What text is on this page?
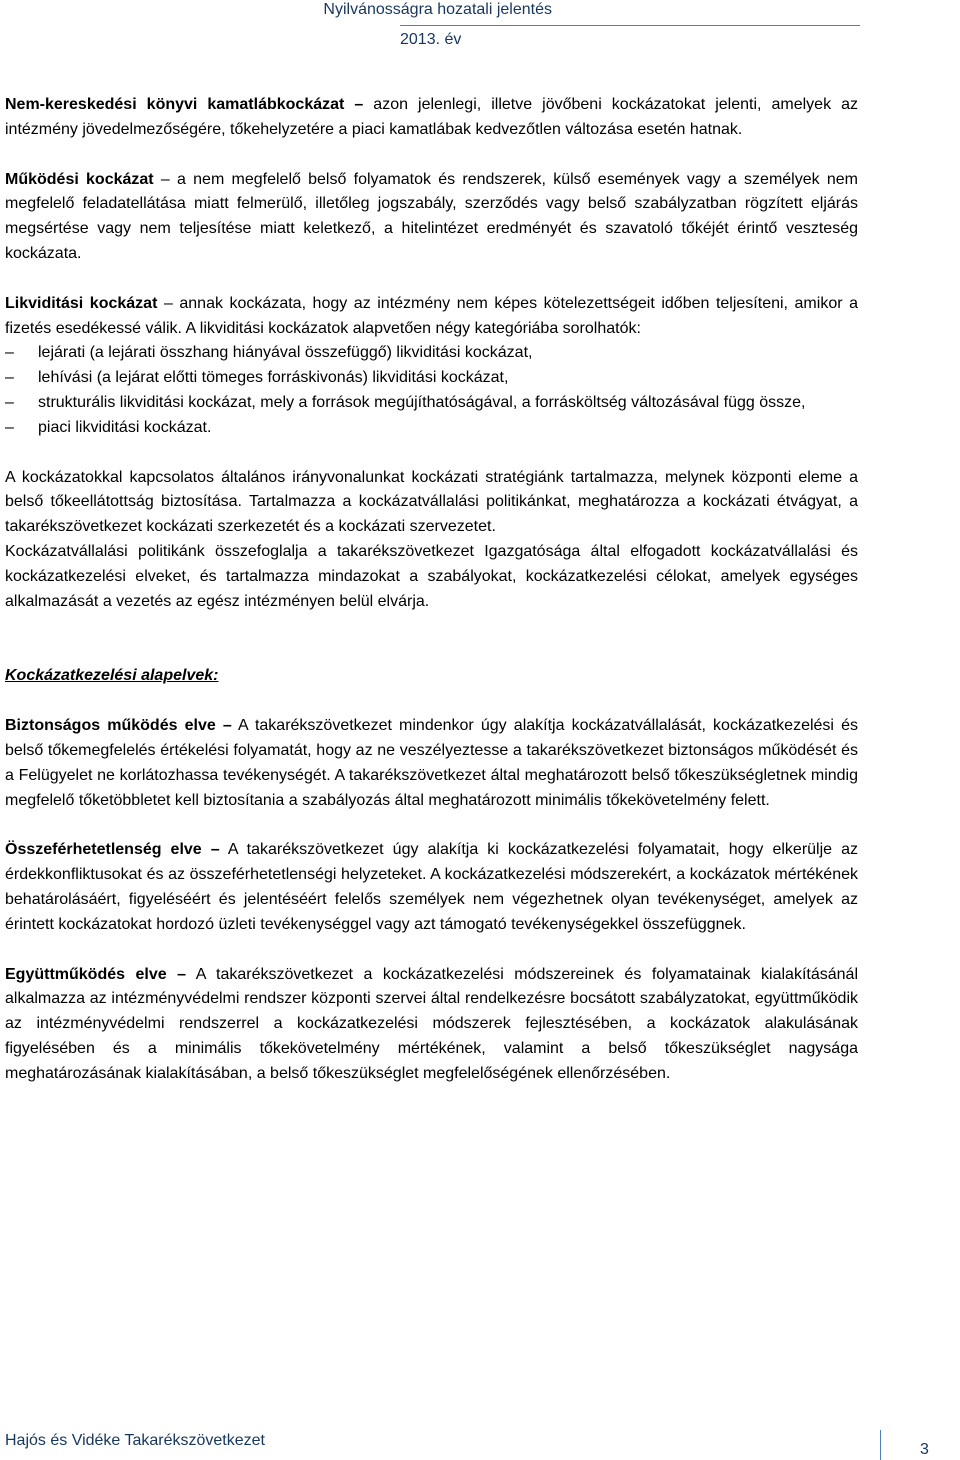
Nyilvánosságra hozatali jelentés
2013. év

Nem-kereskedési könyvi kamatlábkockázat – azon jelenlegi, illetve jövőbeni kockázatokat jelenti, amelyek az intézmény jövedelmezőségére, tőkehelyzetére a piaci kamatlábak kedvezőtlen változása esetén hatnak.

Működési kockázat – a nem megfelelő belső folyamatok és rendszerek, külső események vagy a személyek nem megfelelő feladatellátása miatt felmerülő, illetőleg jogszabály, szerződés vagy belső szabályzatban rögzített eljárás megsértése vagy nem teljesítése miatt keletkező, a hitelintézet eredményét és szavatoló tőkéjét érintő veszteség kockázata.

Likviditási kockázat – annak kockázata, hogy az intézmény nem képes kötelezettségeit időben teljesíteni, amikor a fizetés esedékessé válik. A likviditási kockázatok alapvetően négy kategóriába sorolhatók:

– lejárati (a lejárati összhang hiányával összefüggő) likviditási kockázat,
– lehívási (a lejárat előtti tömeges forráskivonás) likviditási kockázat,
– strukturális likviditási kockázat, mely a források megújíthatóságával, a forrásköltség változásával függ össze,
– piaci likviditási kockázat.

A kockázatokkal kapcsolatos általános irányvonalunkat kockázati stratégiánk tartalmazza, melynek központi eleme a belső tőkeellátottság biztosítása. Tartalmazza a kockázatvállalási politikánkat, meghatározza a kockázati étvágyat, a takarékszövetkezet kockázati szerkezetét és a kockázati szervezetet.

Kockázatvállalási politikánk összefoglalja a takarékszövetkezet Igazgatósága által elfogadott kockázatvállalási és kockázatkezelési elveket, és tartalmazza mindazokat a szabályokat, kockázatkezelési célokat, amelyek egységes alkalmazását a vezetés az egész intézményen belül elvárja.

Kockázatkezelési alapelvek:

Biztonságos működés elve – A takarékszövetkezet mindenkor úgy alakítja kockázatvállalását, kockázatkezelési és belső tőkemegfelelés értékelési folyamatát, hogy az ne veszélyeztesse a takarékszövetkezet biztonságos működését és a Felügyelet ne korlátozhassa tevékenységét. A takarékszövetkezet által meghatározott belső tőkeszükségletnek mindig megfelelő tőketöbbletet kell biztosítania a szabályozás által meghatározott minimális tőkekövetelmény felett.

Összeférhetetlenség elve – A takarékszövetkezet úgy alakítja ki kockázatkezelési folyamatait, hogy elkerülje az érdekkonfliktusokat és az összeférhetetlenségi helyzeteket. A kockázatkezelési módszerekért, a kockázatok mértékének behatárolásáért, figyeléséért és jelentéséért felelős személyek nem végezhetnek olyan tevékenységet, amelyek az érintett kockázatokat hordozó üzleti tevékenységgel vagy azt támogató tevékenységekkel összefüggnek.

Együttműködés elve – A takarékszövetkezet a kockázatkezelési módszereinek és folyamatainak kialakításánál alkalmazza az intézményvédelmi rendszer központi szervei által rendelkezésre bocsátott szabályzatokat, együttműködik az intézményvédelmi rendszerrel a kockázatkezelési módszerek fejlesztésében, a kockázatok alakulásának figyelésében és a minimális tőkekövetelmény mértékének, valamint a belső tőkeszükséglet nagysága meghatározásának kialakításában, a belső tőkeszükséglet megfelelőségének ellenőrzésében.

Hajós és Vidéke Takarékszövetkezet
3
